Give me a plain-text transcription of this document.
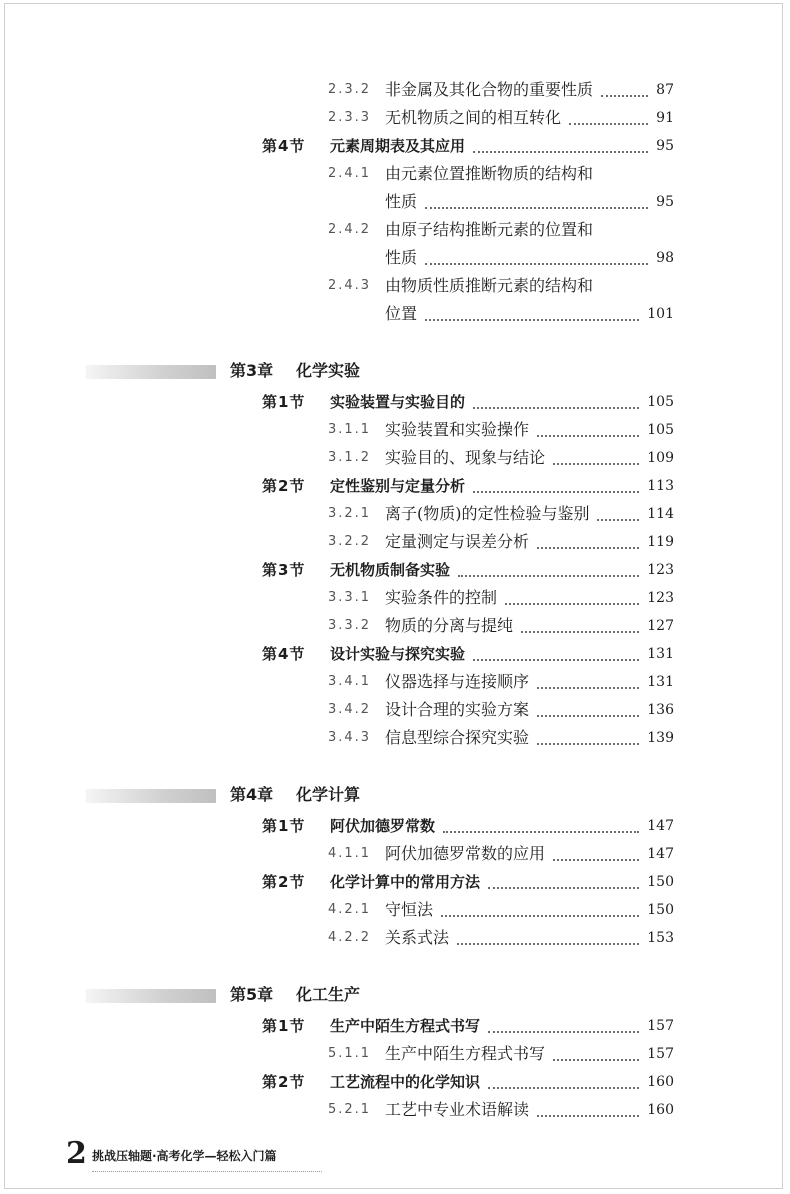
2.3.2 非金属及其化合物的重要性质	87
2.3.3 无机物质之间的相互转化	91
第4节 元素周期表及其应用	95
2.4.1 由元素位置推断物质的结构和
性质	95
2.4.2 由原子结构推断元素的位置和
性质	98
2.4.3 由物质性质推断元素的结构和
位置	101
第3章 化学实验
第1节 实验装置与实验目的	105
3.1.1 实验装置和实验操作	105
3.1.2 实验目的、现象与结论	109
第2节 定性鉴别与定量分析	113
3.2.1 离子(物质)的定性检验与鉴别	114
3.2.2 定量测定与误差分析	119
第3节 无机物质制备实验	123
3.3.1 实验条件的控制	123
3.3.2 物质的分离与提纯	127
第4节 设计实验与探究实验	131
3.4.1 仪器选择与连接顺序	131
3.4.2 设计合理的实验方案	136
3.4.3 信息型综合探究实验	139
第4章 化学计算
第1节 阿伏加德罗常数	147
4.1.1 阿伏加德罗常数的应用	147
第2节 化学计算中的常用方法	150
4.2.1 守恒法	150
4.2.2 关系式法	153
第5章 化工生产
第1节 生产中陌生方程式书写	157
5.1.1 生产中陌生方程式书写	157
第2节 工艺流程中的化学知识	160
5.2.1 工艺中专业术语解读	160
2 挑战压轴题·高考化学—轻松入门篇
